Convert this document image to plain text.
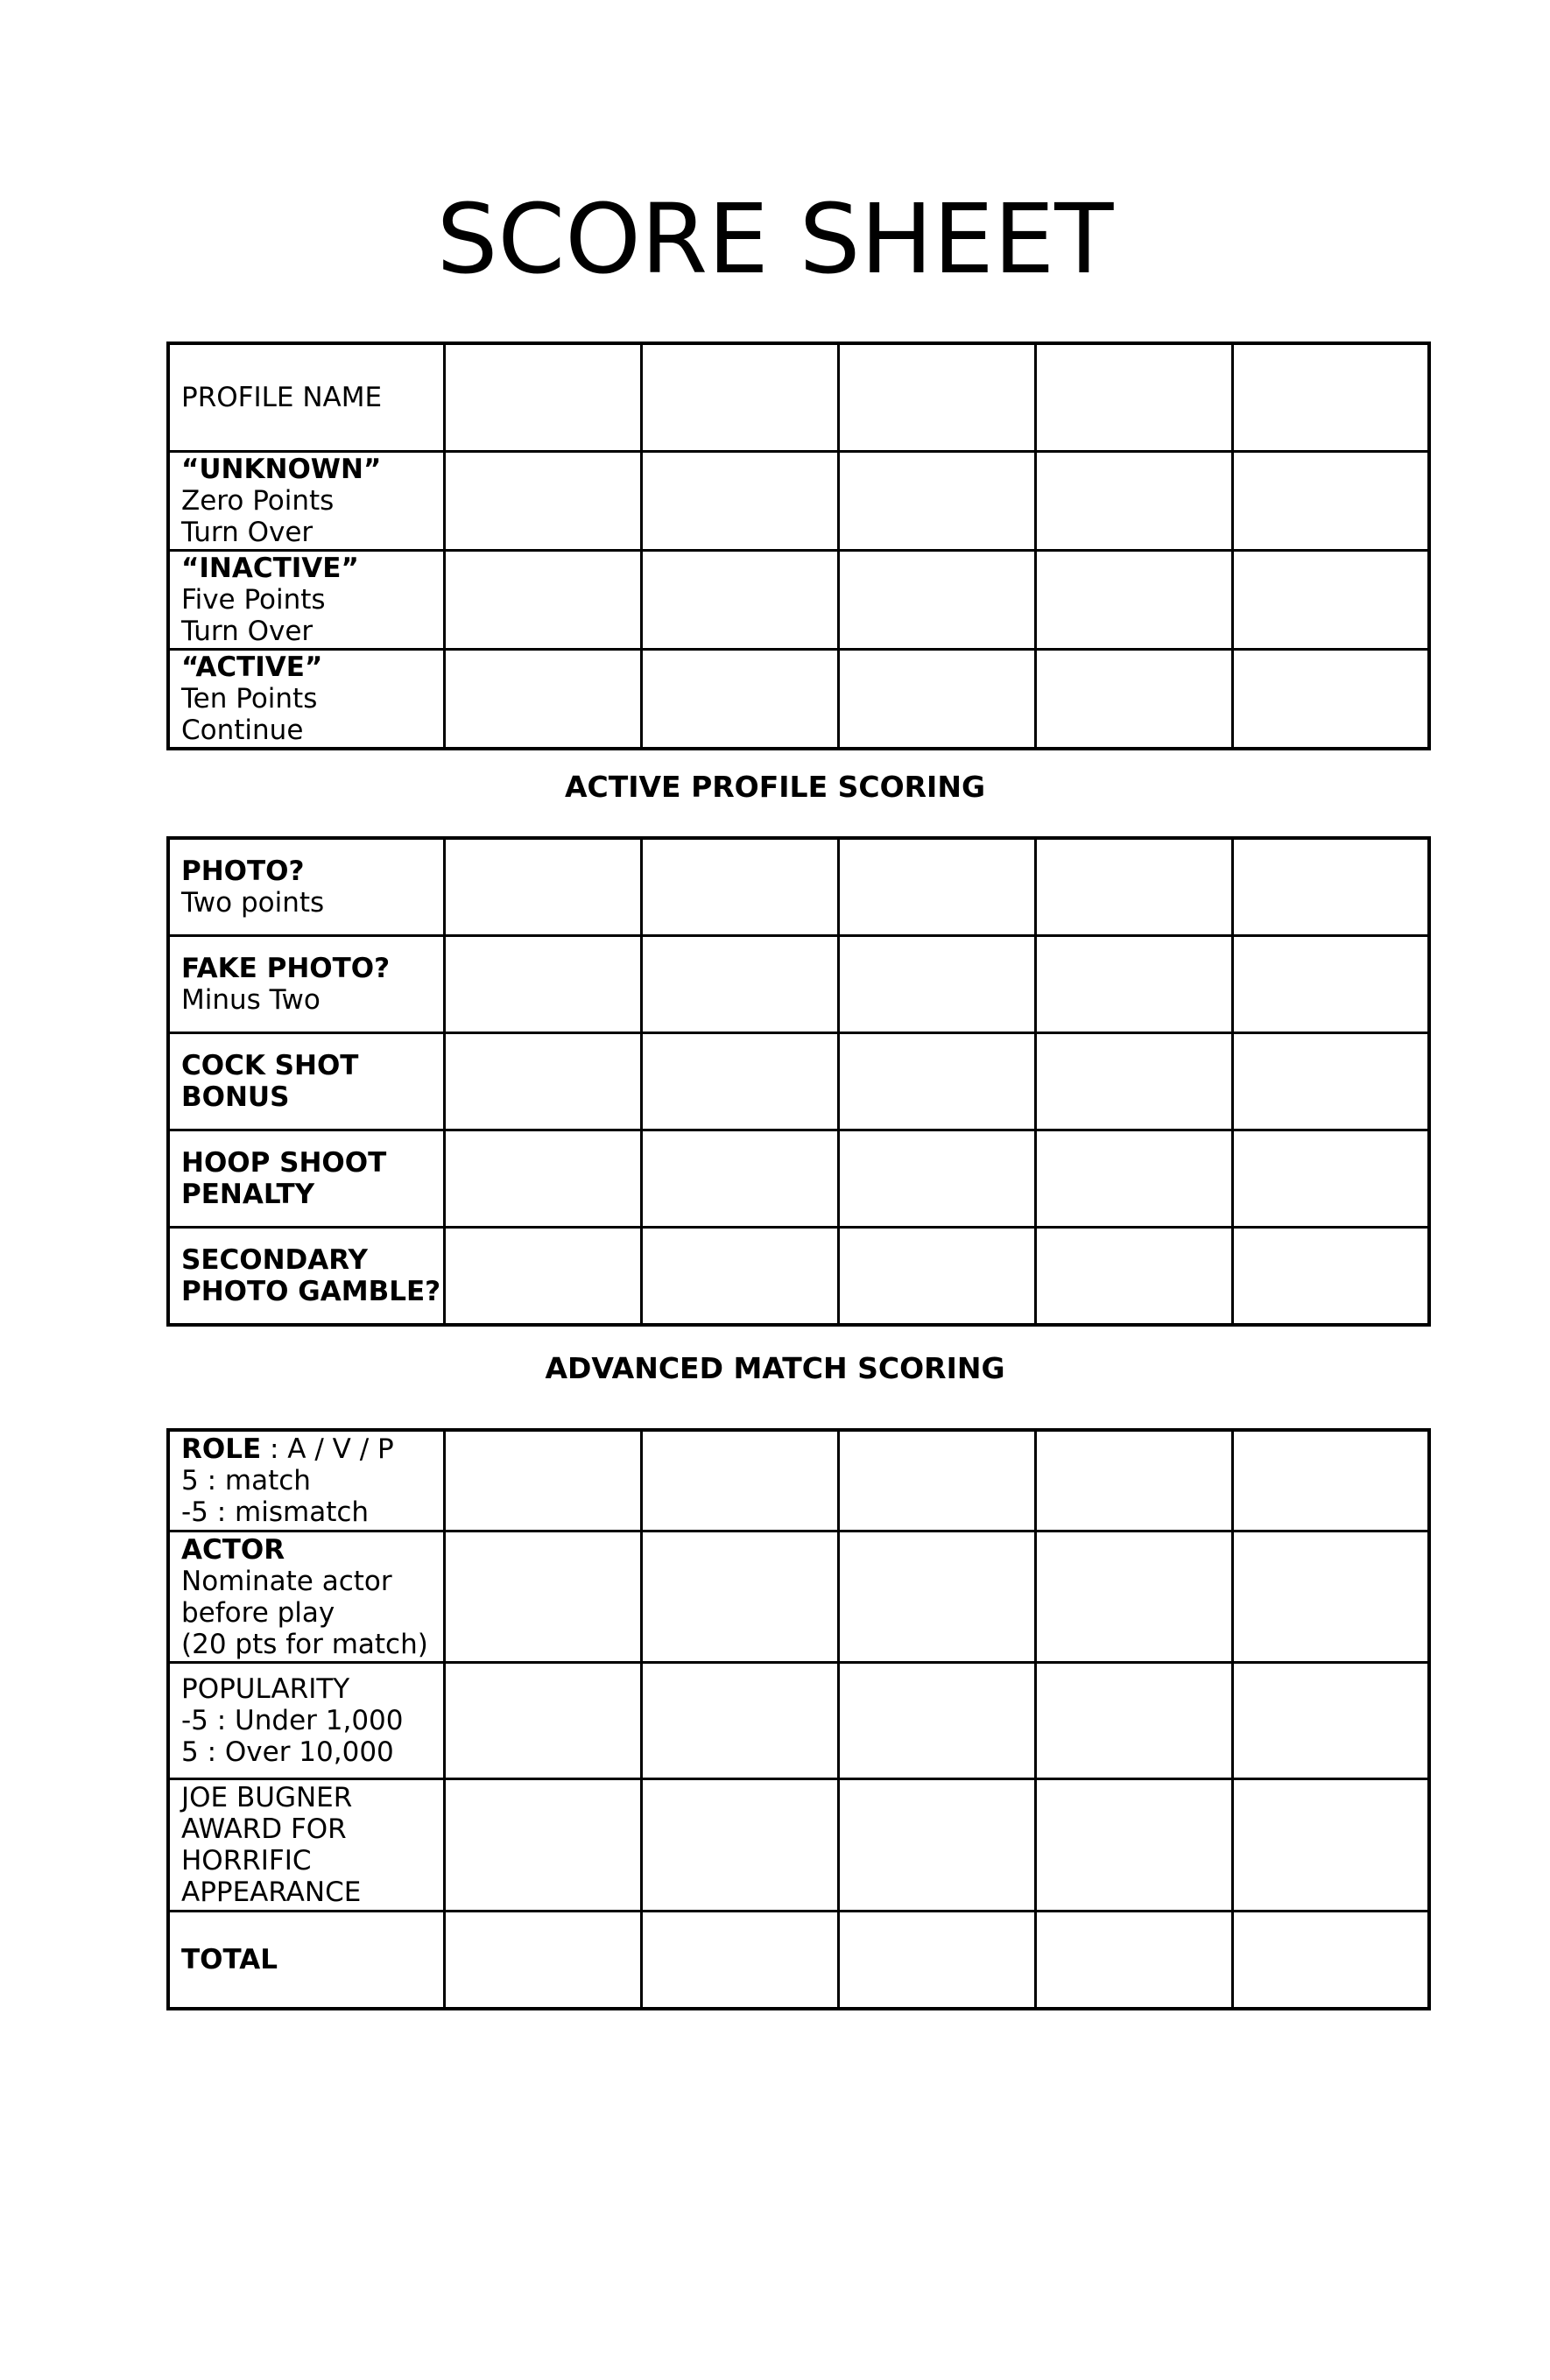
SCORE SHEET
PROFILE NAME					

“UNKNOWN”
Zero Points
Turn Over					

“INACTIVE”
Five Points
Turn Over					

“ACTIVE”
Ten Points
Continue					

ACTIVE PROFILE SCORING
PHOTO?
Two points					

FAKE PHOTO?
Minus Two					

COCK SHOT
BONUS					

HOOP SHOOT
PENALTY					

SECONDARY
PHOTO GAMBLE?					

ADVANCED MATCH SCORING
ROLE : A / V / P
5 : match
-5 : mismatch					

ACTOR
Nominate actor
before play
(20 pts for match)					

POPULARITY
-5 : Under 1,000
5 : Over 10,000					

JOE BUGNER
AWARD FOR
HORRIFIC
APPEARANCE					

TOTAL					
